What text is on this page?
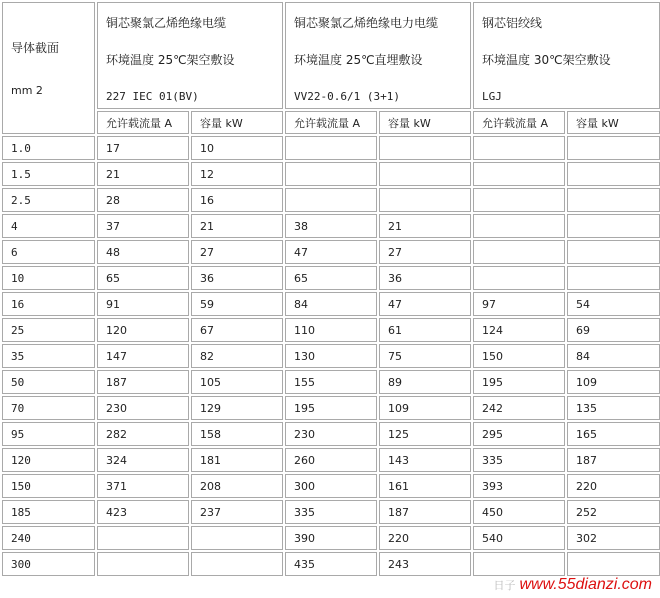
导体截面
mm 2	铜芯聚氯乙烯绝缘电缆
环境温度 25℃架空敷设
227 IEC 01(BV)		铜芯聚氯乙烯绝缘电力电缆
环境温度 25℃直埋敷设
VV22-0.6/1 (3+1)		钢芯铝绞线
环境温度 30℃架空敷设
LGJ	

	允许载流量 A	容量 kW	允许载流量 A	容量 kW	允许载流量 A	容量 kW
1.0	17	10				
1.5	21	12				
2.5	28	16				
4	37	21	38	21		
6	48	27	47	27		
10	65	36	65	36		
16	91	59	84	47	97	54
25	120	67	110	61	124	69
35	147	82	130	75	150	84
50	187	105	155	89	195	109
70	230	129	195	109	242	135
95	282	158	230	125	295	165
120	324	181	260	143	335	187
150	371	208	300	161	393	220
185	423	237	335	187	450	252
240			390	220	540	302
300			435	243		
日子 www.55dianzi.com
